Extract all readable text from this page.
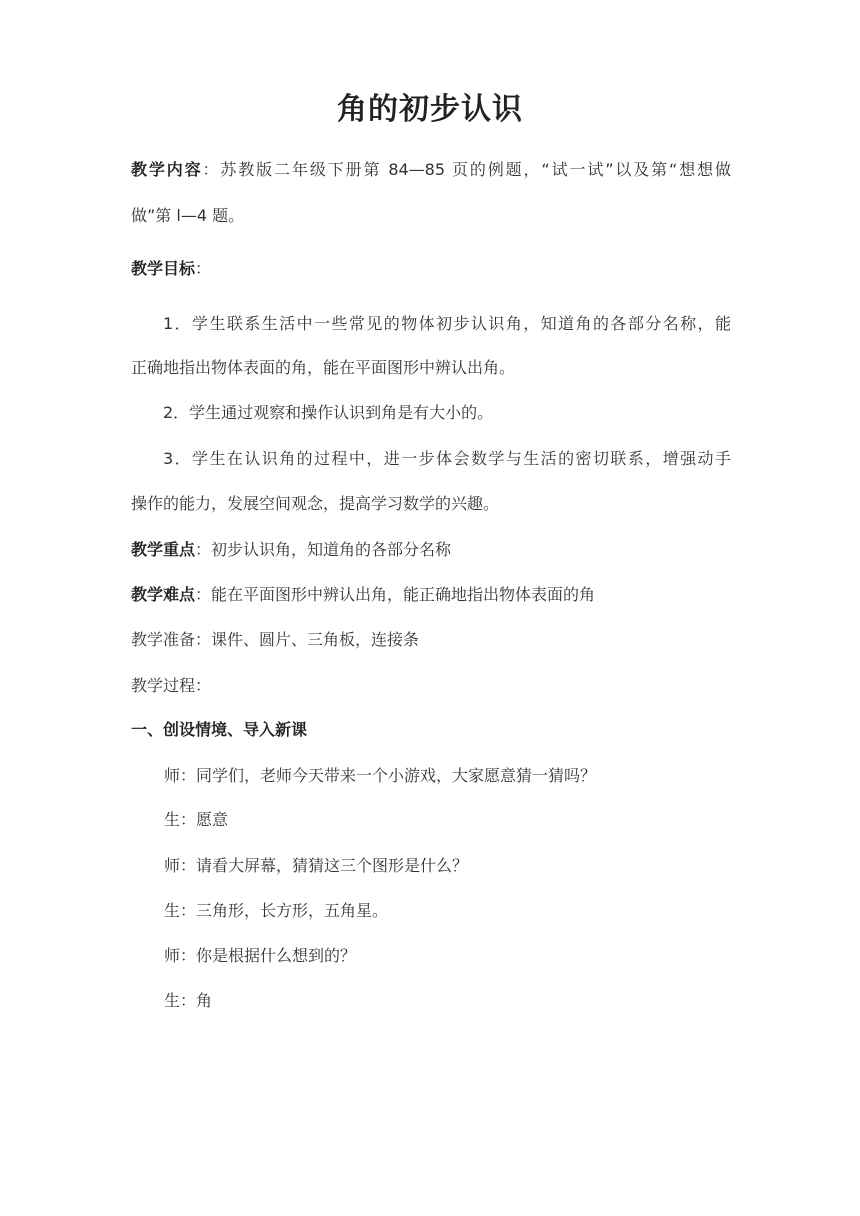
角的初步认识

教学内容：苏教版二年级下册第 84—85 页的例题，“试一试”以及第“想想做

做”第 l—4 题。

教学目标：

1．学生联系生活中一些常见的物体初步认识角，知道角的各部分名称，能

正确地指出物体表面的角，能在平面图形中辨认出角。

2．学生通过观察和操作认识到角是有大小的。

3．学生在认识角的过程中，进一步体会数学与生活的密切联系，增强动手

操作的能力，发展空间观念，提高学习数学的兴趣。

教学重点：初步认识角，知道角的各部分名称

教学难点：能在平面图形中辨认出角，能正确地指出物体表面的角

教学准备：课件、圆片、三角板，连接条

教学过程：

一、创设情境、导入新课

师：同学们，老师今天带来一个小游戏，大家愿意猜一猜吗？

生：愿意

师：请看大屏幕，猜猜这三个图形是什么？

生：三角形，长方形，五角星。

师：你是根据什么想到的？

生：角
